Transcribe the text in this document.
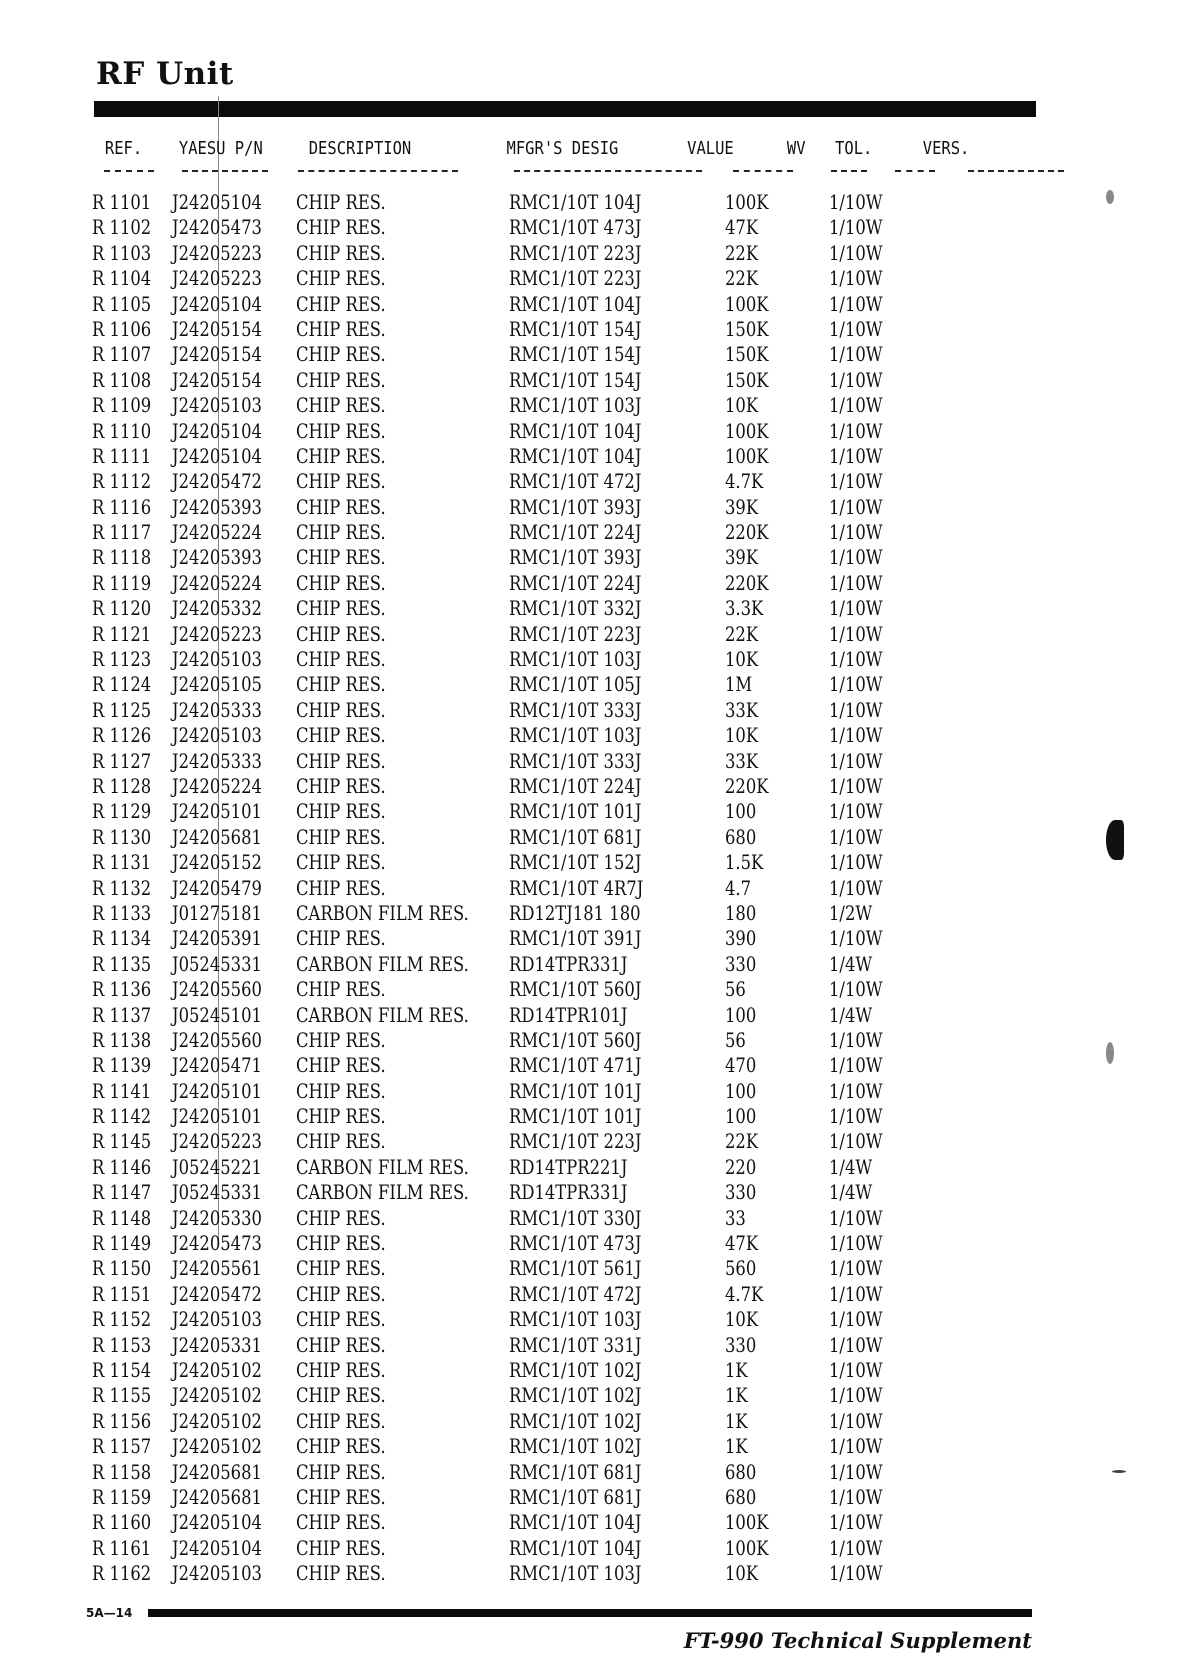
RF Unit
REF. YAESU P/N	DESCRIPTION	MFGR'S DESIG	VALUE	WV TOL.	VERS.
R 1101	J24205104	CHIP RES.	RMC1/10T 104J	100K	1/10W
R 1102	J24205473	CHIP RES.	RMC1/10T 473J	47K	1/10W
R 1103	J24205223	CHIP RES.	RMC1/10T 223J	22K	1/10W
R 1104	J24205223	CHIP RES.	RMC1/10T 223J	22K	1/10W
R 1105	J24205104	CHIP RES.	RMC1/10T 104J	100K	1/10W
R 1106	J24205154	CHIP RES.	RMC1/10T 154J	150K	1/10W
R 1107	J24205154	CHIP RES.	RMC1/10T 154J	150K	1/10W
R 1108	J24205154	CHIP RES.	RMC1/10T 154J	150K	1/10W
R 1109	J24205103	CHIP RES.	RMC1/10T 103J	10K	1/10W
R 1110	J24205104	CHIP RES.	RMC1/10T 104J	100K	1/10W
R 1111	J24205104	CHIP RES.	RMC1/10T 104J	100K	1/10W
R 1112	J24205472	CHIP RES.	RMC1/10T 472J	4.7K	1/10W
R 1116	J24205393	CHIP RES.	RMC1/10T 393J	39K	1/10W
R 1117	J24205224	CHIP RES.	RMC1/10T 224J	220K	1/10W
R 1118	J24205393	CHIP RES.	RMC1/10T 393J	39K	1/10W
R 1119	J24205224	CHIP RES.	RMC1/10T 224J	220K	1/10W
R 1120	J24205332	CHIP RES.	RMC1/10T 332J	3.3K	1/10W
R 1121	J24205223	CHIP RES.	RMC1/10T 223J	22K	1/10W
R 1123	J24205103	CHIP RES.	RMC1/10T 103J	10K	1/10W
R 1124	J24205105	CHIP RES.	RMC1/10T 105J	1M	1/10W
R 1125	J24205333	CHIP RES.	RMC1/10T 333J	33K	1/10W
R 1126	J24205103	CHIP RES.	RMC1/10T 103J	10K	1/10W
R 1127	J24205333	CHIP RES.	RMC1/10T 333J	33K	1/10W
R 1128	J24205224	CHIP RES.	RMC1/10T 224J	220K	1/10W
R 1129	J24205101	CHIP RES.	RMC1/10T 101J	100	1/10W
R 1130	J24205681	CHIP RES.	RMC1/10T 681J	680	1/10W
R 1131	J24205152	CHIP RES.	RMC1/10T 152J	1.5K	1/10W
R 1132	J24205479	CHIP RES.	RMC1/10T 4R7J	4.7	1/10W
R 1133	J01275181	CARBON FILM RES.	RD12TJ181 180	180	1/2W
R 1134	J24205391	CHIP RES.	RMC1/10T 391J	390	1/10W
R 1135	J05245331	CARBON FILM RES.	RD14TPR331J	330	1/4W
R 1136	J24205560	CHIP RES.	RMC1/10T 560J	56	1/10W
R 1137	J05245101	CARBON FILM RES.	RD14TPR101J	100	1/4W
R 1138	J24205560	CHIP RES.	RMC1/10T 560J	56	1/10W
R 1139	J24205471	CHIP RES.	RMC1/10T 471J	470	1/10W
R 1141	J24205101	CHIP RES.	RMC1/10T 101J	100	1/10W
R 1142	J24205101	CHIP RES.	RMC1/10T 101J	100	1/10W
R 1145	J24205223	CHIP RES.	RMC1/10T 223J	22K	1/10W
R 1146	J05245221	CARBON FILM RES.	RD14TPR221J	220	1/4W
R 1147	J05245331	CARBON FILM RES.	RD14TPR331J	330	1/4W
R 1148	J24205330	CHIP RES.	RMC1/10T 330J	33	1/10W
R 1149	J24205473	CHIP RES.	RMC1/10T 473J	47K	1/10W
R 1150	J24205561	CHIP RES.	RMC1/10T 561J	560	1/10W
R 1151	J24205472	CHIP RES.	RMC1/10T 472J	4.7K	1/10W
R 1152	J24205103	CHIP RES.	RMC1/10T 103J	10K	1/10W
R 1153	J24205331	CHIP RES.	RMC1/10T 331J	330	1/10W
R 1154	J24205102	CHIP RES.	RMC1/10T 102J	1K	1/10W
R 1155	J24205102	CHIP RES.	RMC1/10T 102J	1K	1/10W
R 1156	J24205102	CHIP RES.	RMC1/10T 102J	1K	1/10W
R 1157	J24205102	CHIP RES.	RMC1/10T 102J	1K	1/10W
R 1158	J24205681	CHIP RES.	RMC1/10T 681J	680	1/10W
R 1159	J24205681	CHIP RES.	RMC1/10T 681J	680	1/10W
R 1160	J24205104	CHIP RES.	RMC1/10T 104J	100K	1/10W
R 1161	J24205104	CHIP RES.	RMC1/10T 104J	100K	1/10W
R 1162	J24205103	CHIP RES.	RMC1/10T 103J	10K	1/10W
5A—14
FT-990 Technical Supplement
